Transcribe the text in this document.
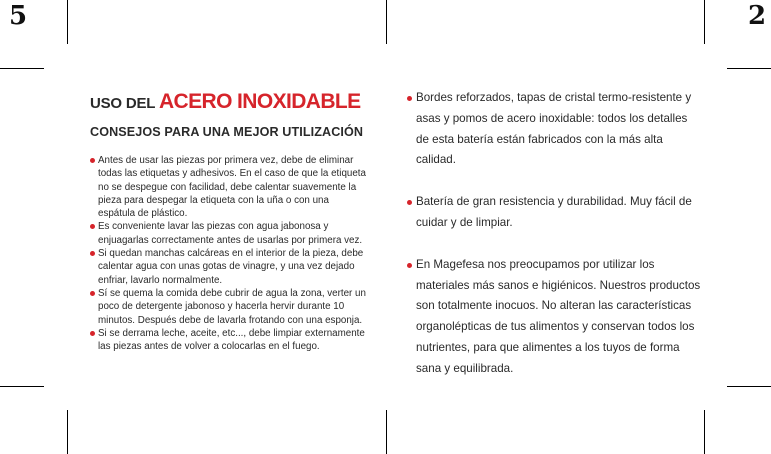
5	2
USO DEL ACERO INOXIDABLE
CONSEJOS PARA UNA MEJOR UTILIZACIÓN
Antes de usar las piezas por primera vez, debe de eliminar todas las etiquetas y adhesivos. En el caso de que la etiqueta no se despegue con facilidad, debe calentar suavemente la pieza para despegar la etiqueta con la uña o con una espátula de plástico.
Es conveniente lavar las piezas con agua jabonosa y enjuagarlas correctamente antes de usarlas por primera vez.
Si quedan manchas calcáreas en el interior de la pieza, debe calentar agua con unas gotas de vinagre, y una vez dejado enfriar, lavarlo normalmente.
Sí se quema la comida debe cubrir de agua la zona, verter un poco de detergente jabonoso y hacerla hervir durante 10 minutos. Después debe de lavarla frotando con una esponja.
Si se derrama leche, aceite, etc..., debe limpiar externamente las piezas antes de volver a colocarlas en el fuego.
Bordes reforzados, tapas de cristal termo-resistente y asas y pomos de acero inoxidable: todos los detalles de esta batería están fabricados con la más alta calidad.
Batería de gran resistencia y durabilidad. Muy fácil de cuidar y de limpiar.
En Magefesa nos preocupamos por utilizar los materiales más sanos e higiénicos. Nuestros productos son totalmente inocuos. No alteran las características organolépticas de tus alimentos y conservan todos los nutrientes, para que alimentes a los tuyos de forma sana y equilibrada.
